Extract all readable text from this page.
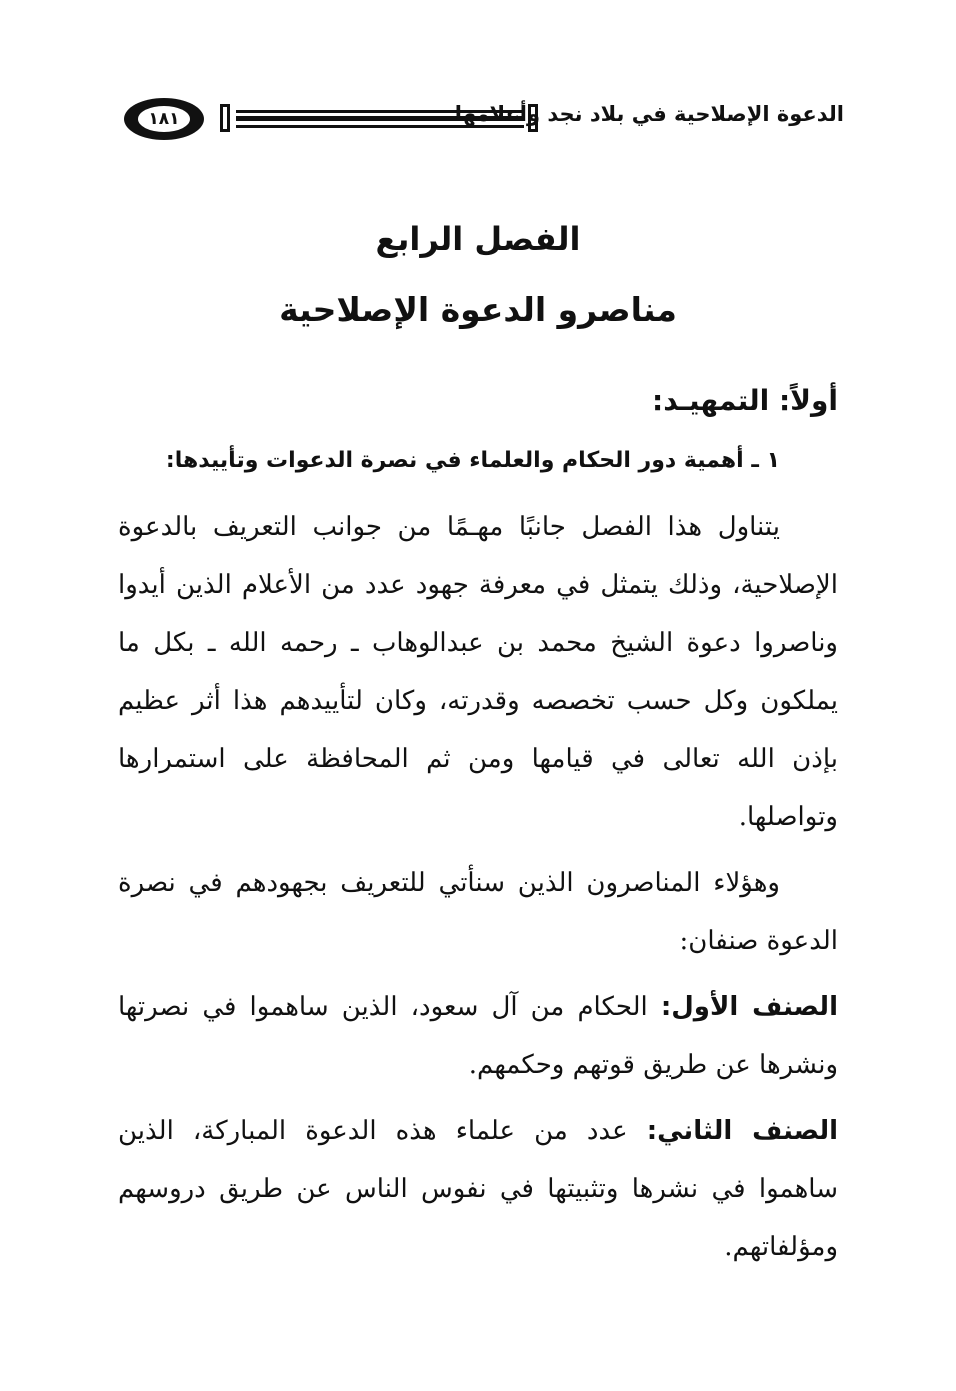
١٨١	الدعوة الإصلاحية في بلاد نجد وأعلامها
الفصل الرابع
مناصرو الدعوة الإصلاحية

أولاً: التمهيـد:

١ ـ أهمية دور الحكام والعلماء في نصرة الدعوات وتأييدها:

يتناول هذا الفصل جانبًا مهـمًا من جوانب التعريف بالدعوة الإصلاحية، وذلك يتمثل في معرفة جهود عدد من الأعلام الذين أيدوا وناصروا دعوة الشيخ محمد بن عبدالوهاب ـ رحمه الله ـ بكل ما يملكون وكل حسب تخصصه وقدرته، وكان لتأييدهم هذا أثر عظيم بإذن الله تعالى في قيامها ومن ثم المحافظة على استمرارها وتواصلها.

وهؤلاء المناصرون الذين سنأتي للتعريف بجهودهم في نصرة الدعوة صنفان:

الصنف الأول: الحكام من آل سعود، الذين ساهموا في نصرتها ونشرها عن طريق قوتهم وحكمهم.

الصنف الثاني: عدد من علماء هذه الدعوة المباركة، الذين ساهموا في نشرها وتثبيتها في نفوس الناس عن طريق دروسهم ومؤلفاتهم.
